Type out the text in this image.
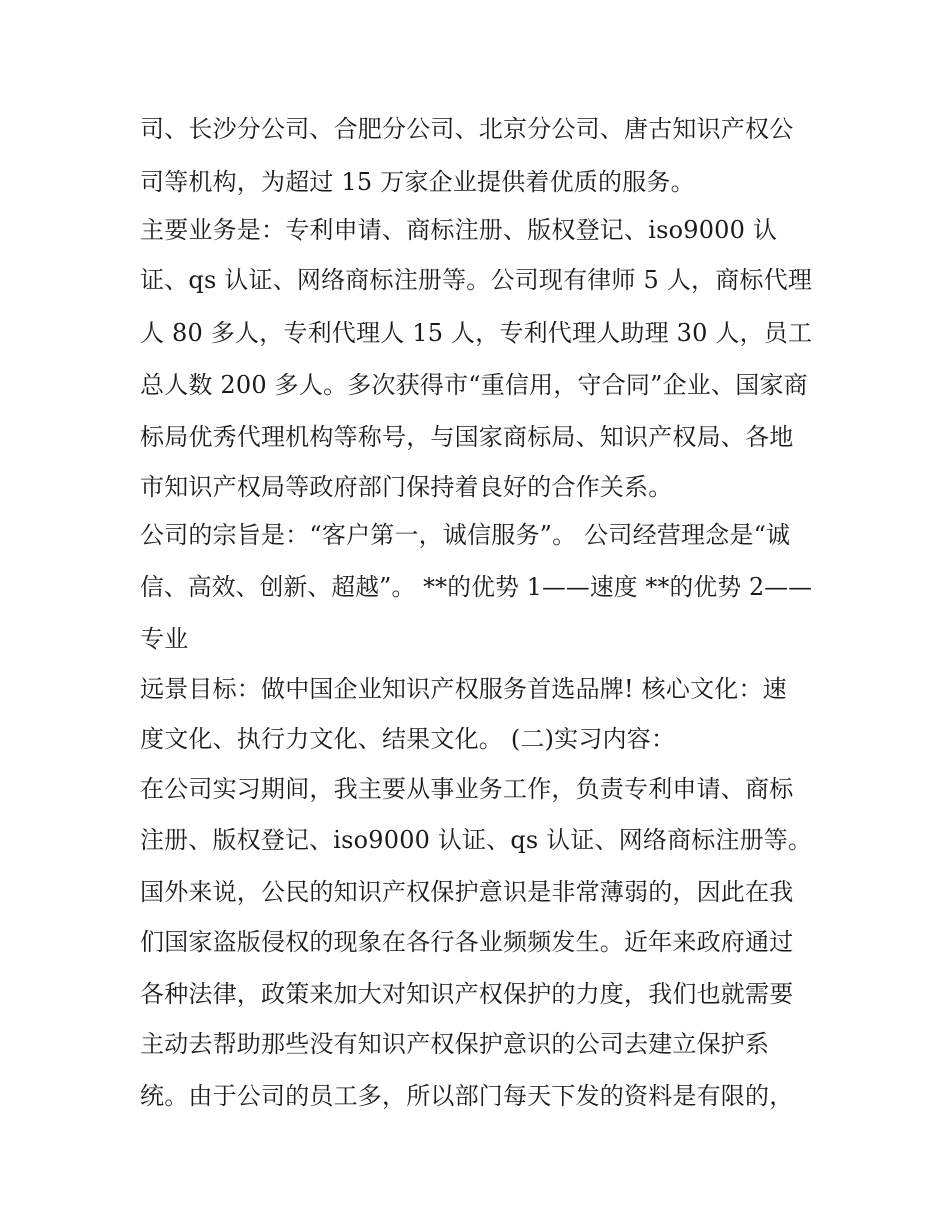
司、长沙分公司、合肥分公司、北京分公司、唐古知识产权公
司等机构，为超过 15 万家企业提供着优质的服务。
主要业务是：专利申请、商标注册、版权登记、iso9000 认
证、qs 认证、网络商标注册等。公司现有律师 5 人，商标代理
人 80 多人，专利代理人 15 人，专利代理人助理 30 人，员工
总人数 200 多人。多次获得市“重信用，守合同”企业、国家商
标局优秀代理机构等称号，与国家商标局、知识产权局、各地
市知识产权局等政府部门保持着良好的合作关系。
公司的宗旨是：“客户第一，诚信服务”。 公司经营理念是“诚
信、高效、创新、超越”。 **的优势 1——速度 **的优势 2——
专业
远景目标：做中国企业知识产权服务首选品牌! 核心文化：速
度文化、执行力文化、结果文化。 (二)实习内容：
在公司实习期间，我主要从事业务工作，负责专利申请、商标
注册、版权登记、iso9000 认证、qs 认证、网络商标注册等。
国外来说，公民的知识产权保护意识是非常薄弱的，因此在我
们国家盗版侵权的现象在各行各业频频发生。近年来政府通过
各种法律，政策来加大对知识产权保护的力度，我们也就需要
主动去帮助那些没有知识产权保护意识的公司去建立保护系
统。由于公司的员工多，所以部门每天下发的资料是有限的，
